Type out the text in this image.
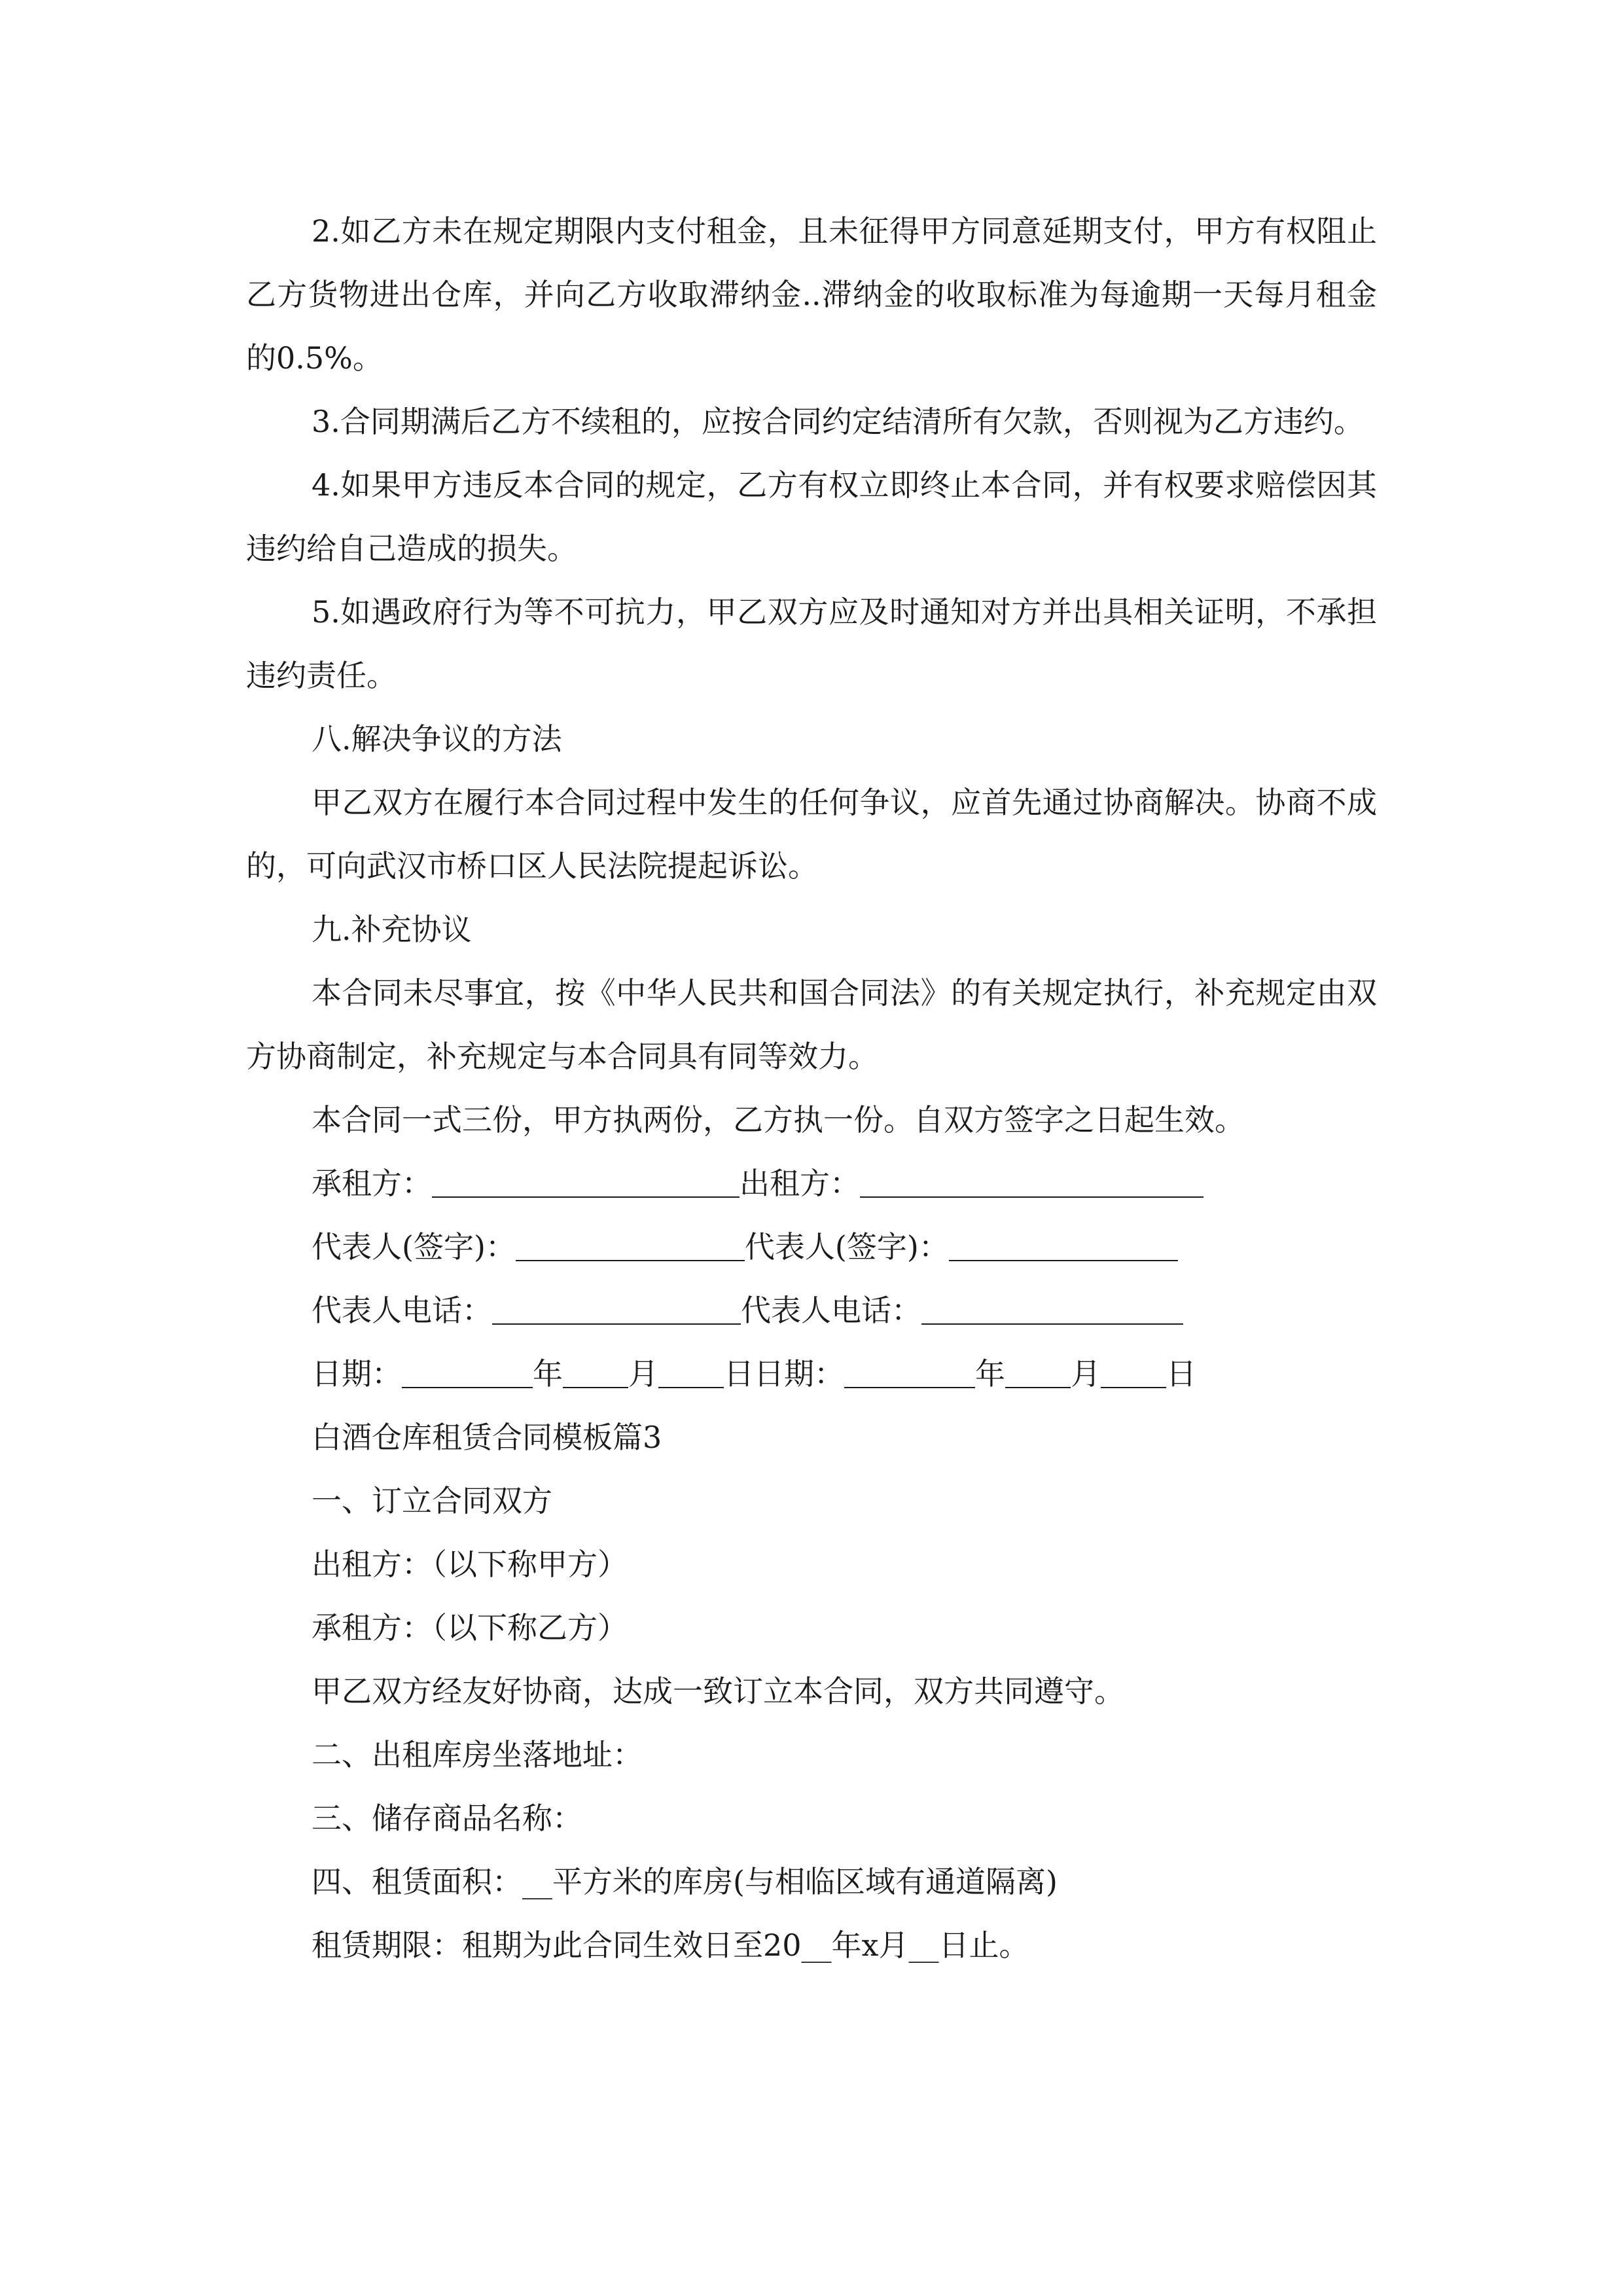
2.如乙方未在规定期限内支付租金，且未征得甲方同意延期支付，甲方有权阻止乙方货物进出仓库，并向乙方收取滞纳金..滞纳金的收取标准为每逾期一天每月租金的0.5%。

3.合同期满后乙方不续租的，应按合同约定结清所有欠款，否则视为乙方违约。

4.如果甲方违反本合同的规定，乙方有权立即终止本合同，并有权要求赔偿因其违约给自己造成的损失。

5.如遇政府行为等不可抗力，甲乙双方应及时通知对方并出具相关证明，不承担违约责任。

八.解决争议的方法

甲乙双方在履行本合同过程中发生的任何争议，应首先通过协商解决。协商不成的，可向武汉市桥口区人民法院提起诉讼。

九.补充协议

本合同未尽事宜，按《中华人民共和国合同法》的有关规定执行，补充规定由双方协商制定，补充规定与本合同具有同等效力。

本合同一式三份，甲方执两份，乙方执一份。自双方签字之日起生效。

承租方：	出租方：
代表人(签字)：	代表人(签字)：
代表人电话：	代表人电话：
日期：	年 月 日日期：	年 月 日
白酒仓库租赁合同模板篇3
一、订立合同双方
出租方：（以下称甲方）
承租方：（以下称乙方）
甲乙双方经友好协商，达成一致订立本合同，双方共同遵守。
二、出租库房坐落地址：
三、储存商品名称：
四、租赁面积：__平方米的库房(与相临区域有通道隔离)
租赁期限：租期为此合同生效日至20__年x月__日止。
